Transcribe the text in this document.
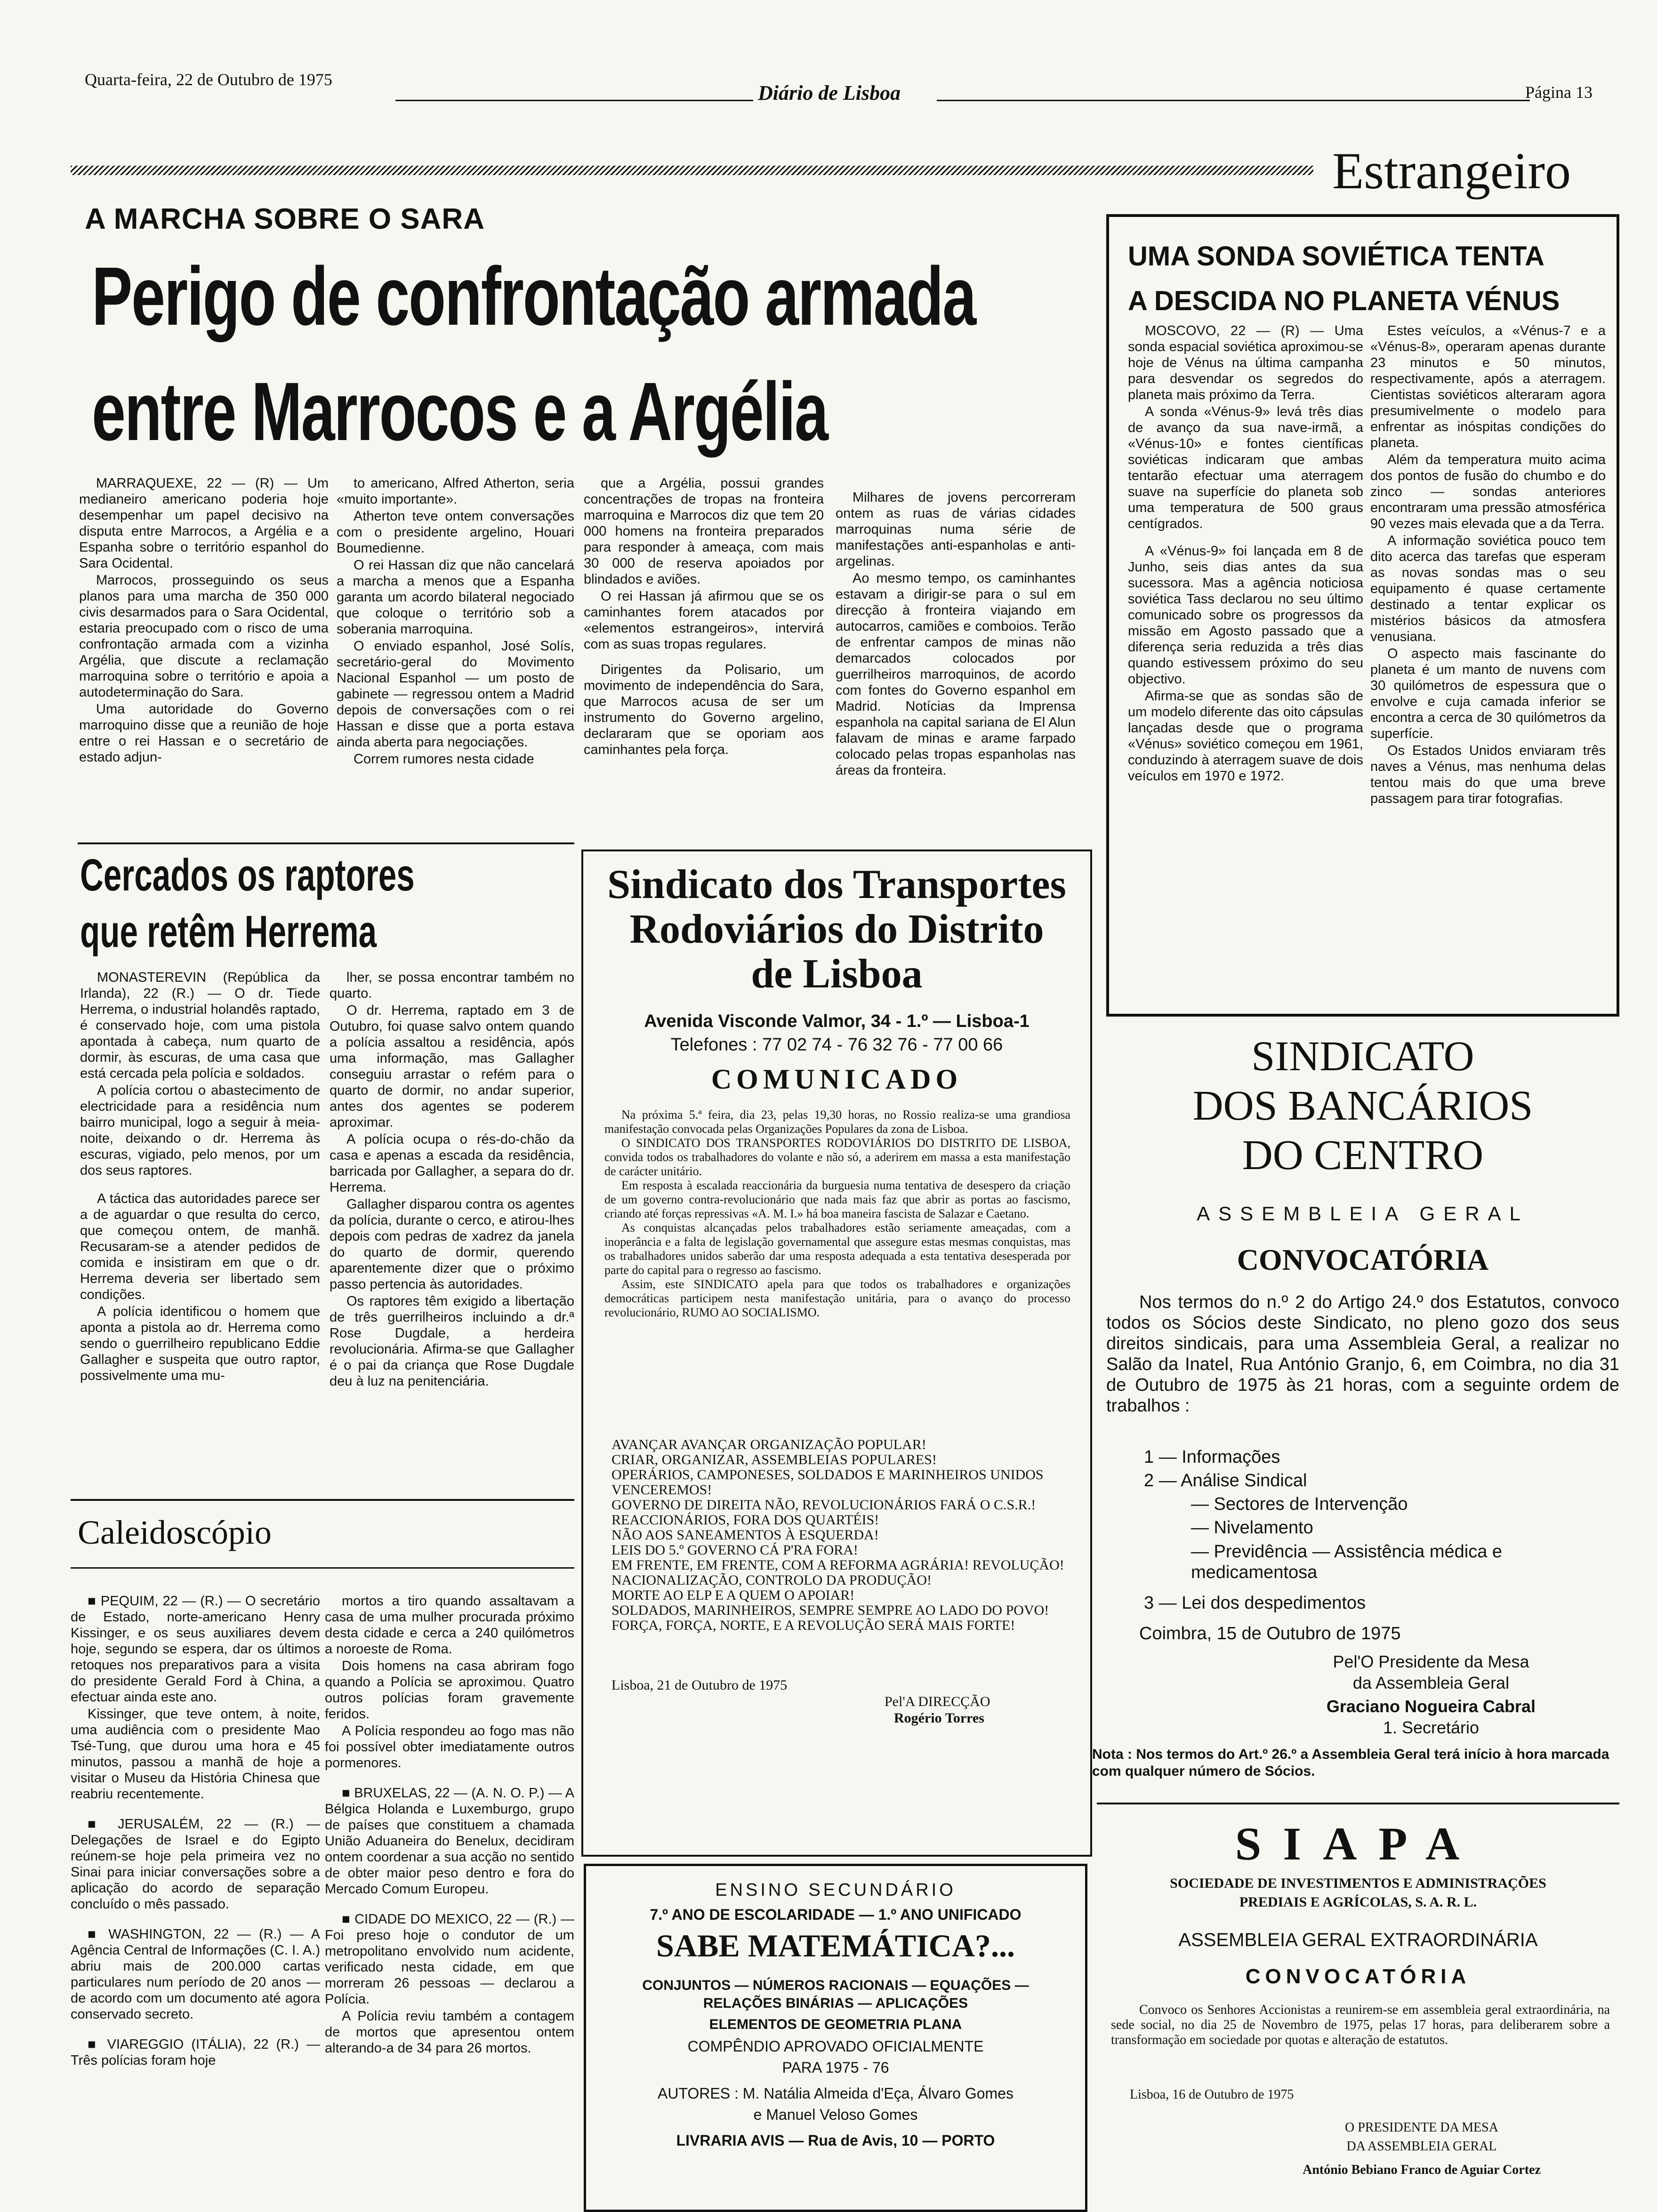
Quarta-feira, 22 de Outubro de 1975
Diário de Lisboa	Página 13
Estrangeiro
A MARCHA SOBRE O SARA
Perigo de confrontação armada
entre Marrocos e a Argélia

MARRAQUEXE, 22 — (R) — Um medianeiro americano poderia hoje desempenhar um papel decisivo na disputa entre Marrocos, a Argélia e a Espanha sobre o território espanhol do Sara Ocidental.

Marrocos, prosseguindo os seus planos para uma marcha de 350 000 civis desarmados para o Sara Ocidental, estaria preocupado com o risco de uma confrontação armada com a vizinha Argélia, que discute a reclamação marroquina sobre o território e apoia a autodeterminação do Sara.

Uma autoridade do Governo marroquino disse que a reunião de hoje entre o rei Hassan e o secretário de estado adjun-

to americano, Alfred Atherton, seria «muito importante».

Atherton teve ontem conversações com o presidente argelino, Houari Boumedienne.

O rei Hassan diz que não cancelará a marcha a menos que a Espanha garanta um acordo bilateral negociado que coloque o território sob a soberania marroquina.

O enviado espanhol, José Solís, secretário-geral do Movimento Nacional Espanhol — um posto de gabinete — regressou ontem a Madrid depois de conversações com o rei Hassan e disse que a porta estava ainda aberta para negociações.

Correm rumores nesta cidade

que a Argélia, possui grandes concentrações de tropas na fronteira marroquina e Marrocos diz que tem 20 000 homens na fronteira preparados para responder à ameaça, com mais 30 000 de reserva apoiados por blindados e aviões.

O rei Hassan já afirmou que se os caminhantes forem atacados por «elementos estrangeiros», intervirá com as suas tropas regulares.

Dirigentes da Polisario, um movimento de independência do Sara, que Marrocos acusa de ser um instrumento do Governo argelino, declararam que se oporiam aos caminhantes pela força.

Milhares de jovens percorreram ontem as ruas de várias cidades marroquinas numa série de manifestações anti-espanholas e anti-argelinas.

Ao mesmo tempo, os caminhantes estavam a dirigir-se para o sul em direcção à fronteira viajando em autocarros, camiões e comboios. Terão de enfrentar campos de minas não demarcados colocados por guerrilheiros marroquinos, de acordo com fontes do Governo espanhol em Madrid. Notícias da Imprensa espanhola na capital sariana de El Alun falavam de minas e arame farpado colocado pelas tropas espanholas nas áreas da fronteira.

UMA SONDA SOVIÉTICA TENTA
A DESCIDA NO PLANETA VÉNUS

MOSCOVO, 22 — (R) — Uma sonda espacial soviética aproximou-se hoje de Vénus na última campanha para desvendar os segredos do planeta mais próximo da Terra.

A sonda «Vénus-9» levá três dias de avanço da sua nave-irmã, a «Vénus-10» e fontes científicas soviéticas indicaram que ambas tentarão efectuar uma aterragem suave na superfície do planeta sob uma temperatura de 500 graus centígrados.

A «Vénus-9» foi lançada em 8 de Junho, seis dias antes da sua sucessora. Mas a agência noticiosa soviética Tass declarou no seu último comunicado sobre os progressos da missão em Agosto passado que a diferença seria reduzida a três dias quando estivessem próximo do seu objectivo.

Afirma-se que as sondas são de um modelo diferente das oito cápsulas lançadas desde que o programa «Vénus» soviético começou em 1961, conduzindo à aterragem suave de dois veículos em 1970 e 1972.

Estes veículos, a «Vénus-7 e a «Vénus-8», operaram apenas durante 23 minutos e 50 minutos, respectivamente, após a aterragem. Cientistas soviéticos alteraram agora presumivelmente o modelo para enfrentar as inóspitas condições do planeta.

Além da temperatura muito acima dos pontos de fusão do chumbo e do zinco — sondas anteriores encontraram uma pressão atmosférica 90 vezes mais elevada que a da Terra.

A informação soviética pouco tem dito acerca das tarefas que esperam as novas sondas mas o seu equipamento é quase certamente destinado a tentar explicar os mistérios básicos da atmosfera venusiana.

O aspecto mais fascinante do planeta é um manto de nuvens com 30 quilómetros de espessura que o envolve e cuja camada inferior se encontra a cerca de 30 quilómetros da superfície.

Os Estados Unidos enviaram três naves a Vénus, mas nenhuma delas tentou mais do que uma breve passagem para tirar fotografias.

Cercados os raptores
que retêm Herrema

MONASTEREVIN (República da Irlanda), 22 (R.) — O dr. Tiede Herrema, o industrial holandês raptado, é conservado hoje, com uma pistola apontada à cabeça, num quarto de dormir, às escuras, de uma casa que está cercada pela polícia e soldados.

A polícia cortou o abastecimento de electricidade para a residência num bairro municipal, logo a seguir à meia-noite, deixando o dr. Herrema às escuras, vigiado, pelo menos, por um dos seus raptores.

A táctica das autoridades parece ser a de aguardar o que resulta do cerco, que começou ontem, de manhã. Recusaram-se a atender pedidos de comida e insistiram em que o dr. Herrema deveria ser libertado sem condições.

A polícia identificou o homem que aponta a pistola ao dr. Herrema como sendo o guerrilheiro republicano Eddie Gallagher e suspeita que outro raptor, possivelmente uma mu-

lher, se possa encontrar também no quarto.

O dr. Herrema, raptado em 3 de Outubro, foi quase salvo ontem quando a polícia assaltou a residência, após uma informação, mas Gallagher conseguiu arrastar o refém para o quarto de dormir, no andar superior, antes dos agentes se poderem aproximar.

A polícia ocupa o rés-do-chão da casa e apenas a escada da residência, barricada por Gallagher, a separa do dr. Herrema.

Gallagher disparou contra os agentes da polícia, durante o cerco, e atirou-lhes depois com pedras de xadrez da janela do quarto de dormir, querendo aparentemente dizer que o próximo passo pertencia às autoridades.

Os raptores têm exigido a libertação de três guerrilheiros incluindo a dr.ª Rose Dugdale, a herdeira revolucionária. Afirma-se que Gallagher é o pai da criança que Rose Dugdale deu à luz na penitenciária.

Caleidoscópio

■ PEQUIM, 22 — (R.) — O secretário de Estado, norte-americano Henry Kissinger, e os seus auxiliares devem hoje, segundo se espera, dar os últimos retoques nos preparativos para a visita do presidente Gerald Ford à China, a efectuar ainda este ano.

Kissinger, que teve ontem, à noite, uma audiência com o presidente Mao Tsé-Tung, que durou uma hora e 45 minutos, passou a manhã de hoje a visitar o Museu da História Chinesa que reabriu recentemente.

■ JERUSALÉM, 22 — (R.) — Delegações de Israel e do Egipto reúnem-se hoje pela primeira vez no Sinai para iniciar conversações sobre a aplicação do acordo de separação concluído o mês passado.

■ WASHINGTON, 22 — (R.) — A Agência Central de Informações (C. I. A.) abriu mais de 200.000 cartas particulares num período de 20 anos — de acordo com um documento até agora conservado secreto.

■ VIAREGGIO (ITÁLIA), 22 (R.) — Três polícias foram hoje

mortos a tiro quando assaltavam a casa de uma mulher procurada próximo desta cidade e cerca a 240 quilómetros a noroeste de Roma.

Dois homens na casa abriram fogo quando a Polícia se aproximou. Quatro outros polícias foram gravemente feridos.

A Polícia respondeu ao fogo mas não foi possível obter imediatamente outros pormenores.

■ BRUXELAS, 22 — (A. N. O. P.) — A Bélgica Holanda e Luxemburgo, grupo de países que constituem a chamada União Aduaneira do Benelux, decidiram ontem coordenar a sua acção no sentido de obter maior peso dentro e fora do Mercado Comum Europeu.

■ CIDADE DO MEXICO, 22 — (R.) — Foi preso hoje o condutor de um metropolitano envolvido num acidente, verificado nesta cidade, em que morreram 26 pessoas — declarou a Polícia.

A Polícia reviu também a contagem de mortos que apresentou ontem alterando-a de 34 para 26 mortos.

Sindicato dos Transportes
Rodoviários do Distrito
de Lisboa
Avenida Visconde Valmor, 34 - 1.º — Lisboa-1
Telefones : 77 02 74 - 76 32 76 - 77 00 66
COMUNICADO

Na próxima 5.ª feira, dia 23, pelas 19,30 horas, no Rossio realiza-se uma grandiosa manifestação convocada pelas Organizações Populares da zona de Lisboa.

O SINDICATO DOS TRANSPORTES RODOVIÁRIOS DO DISTRITO DE LISBOA, convida todos os trabalhadores do volante e não só, a aderirem em massa a esta manifestação de carácter unitário.

Em resposta à escalada reaccionária da burguesia numa tentativa de desespero da criação de um governo contra-revolucionário que nada mais faz que abrir as portas ao fascismo, criando até forças repressivas «A. M. I.» há boa maneira fascista de Salazar e Caetano.

As conquistas alcançadas pelos trabalhadores estão seriamente ameaçadas, com a inoperância e a falta de legislação governamental que assegure estas mesmas conquistas, mas os trabalhadores unidos saberão dar uma resposta adequada a esta tentativa desesperada por parte do capital para o regresso ao fascismo.

Assim, este SINDICATO apela para que todos os trabalhadores e organizações democráticas participem nesta manifestação unitária, para o avanço do processo revolucionário, RUMO AO SOCIALISMO.

AVANÇAR AVANÇAR ORGANIZAÇÃO POPULAR!

CRIAR, ORGANIZAR, ASSEMBLEIAS POPULARES!

OPERÁRIOS, CAMPONESES, SOLDADOS E MARINHEIROS UNIDOS VENCEREMOS!

GOVERNO DE DIREITA NÃO, REVOLUCIONÁRIOS FARÁ O C.S.R.!

REACCIONÁRIOS, FORA DOS QUARTÉIS!

NÃO AOS SANEAMENTOS À ESQUERDA!

LEIS DO 5.º GOVERNO CÁ P'RA FORA!

EM FRENTE, EM FRENTE, COM A REFORMA AGRÁRIA! REVOLUÇÃO!

NACIONALIZAÇÃO, CONTROLO DA PRODUÇÃO!

MORTE AO ELP E A QUEM O APOIAR!

SOLDADOS, MARINHEIROS, SEMPRE SEMPRE AO LADO DO POVO!

FORÇA, FORÇA, NORTE, E A REVOLUÇÃO SERÁ MAIS FORTE!

Lisboa, 21 de Outubro de 1975
Pel'A DIRECÇÃO
Rogério Torres
ENSINO SECUNDÁRIO
7.º ANO DE ESCOLARIDADE — 1.º ANO UNIFICADO
SABE MATEMÁTICA?...
CONJUNTOS — NÚMEROS RACIONAIS — EQUAÇÕES — RELAÇÕES BINÁRIAS — APLICAÇÕES
ELEMENTOS DE GEOMETRIA PLANA
COMPÊNDIO APROVADO OFICIALMENTE
PARA 1975 - 76
AUTORES : M. Natália Almeida d'Eça, Álvaro Gomes
e Manuel Veloso Gomes
LIVRARIA AVIS — Rua de Avis, 10 — PORTO
SINDICATO
DOS BANCÁRIOS
DO CENTRO
ASSEMBLEIA GERAL
CONVOCATÓRIA
Nos termos do n.º 2 do Artigo 24.º dos Estatutos, convoco todos os Sócios deste Sindicato, no pleno gozo dos seus direitos sindicais, para uma Assembleia Geral, a realizar no Salão da Inatel, Rua António Granjo, 6, em Coimbra, no dia 31 de Outubro de 1975 às 21 horas, com a seguinte ordem de trabalhos :
1 — Informações
2 — Análise Sindical
— Sectores de Intervenção
— Nivelamento
— Previdência — Assistência médica e medicamentosa
3 — Lei dos despedimentos
Coimbra, 15 de Outubro de 1975
Pel'O Presidente da Mesa
da Assembleia Geral
Graciano Nogueira Cabral
1. Secretário
Nota : Nos termos do Art.º 26.º a Assembleia Geral terá início à hora marcada com qualquer número de Sócios.
SIAPA
SOCIEDADE DE INVESTIMENTOS E ADMINISTRAÇÕES
PREDIAIS E AGRÍCOLAS, S. A. R. L.
ASSEMBLEIA GERAL EXTRAORDINÁRIA
CONVOCATÓRIA
Convoco os Senhores Accionistas a reunirem-se em assembleia geral extraordinária, na sede social, no dia 25 de Novembro de 1975, pelas 17 horas, para deliberarem sobre a transformação em sociedade por quotas e alteração de estatutos.
Lisboa, 16 de Outubro de 1975
O PRESIDENTE DA MESA
DA ASSEMBLEIA GERAL
António Bebiano Franco de Aguiar Cortez
